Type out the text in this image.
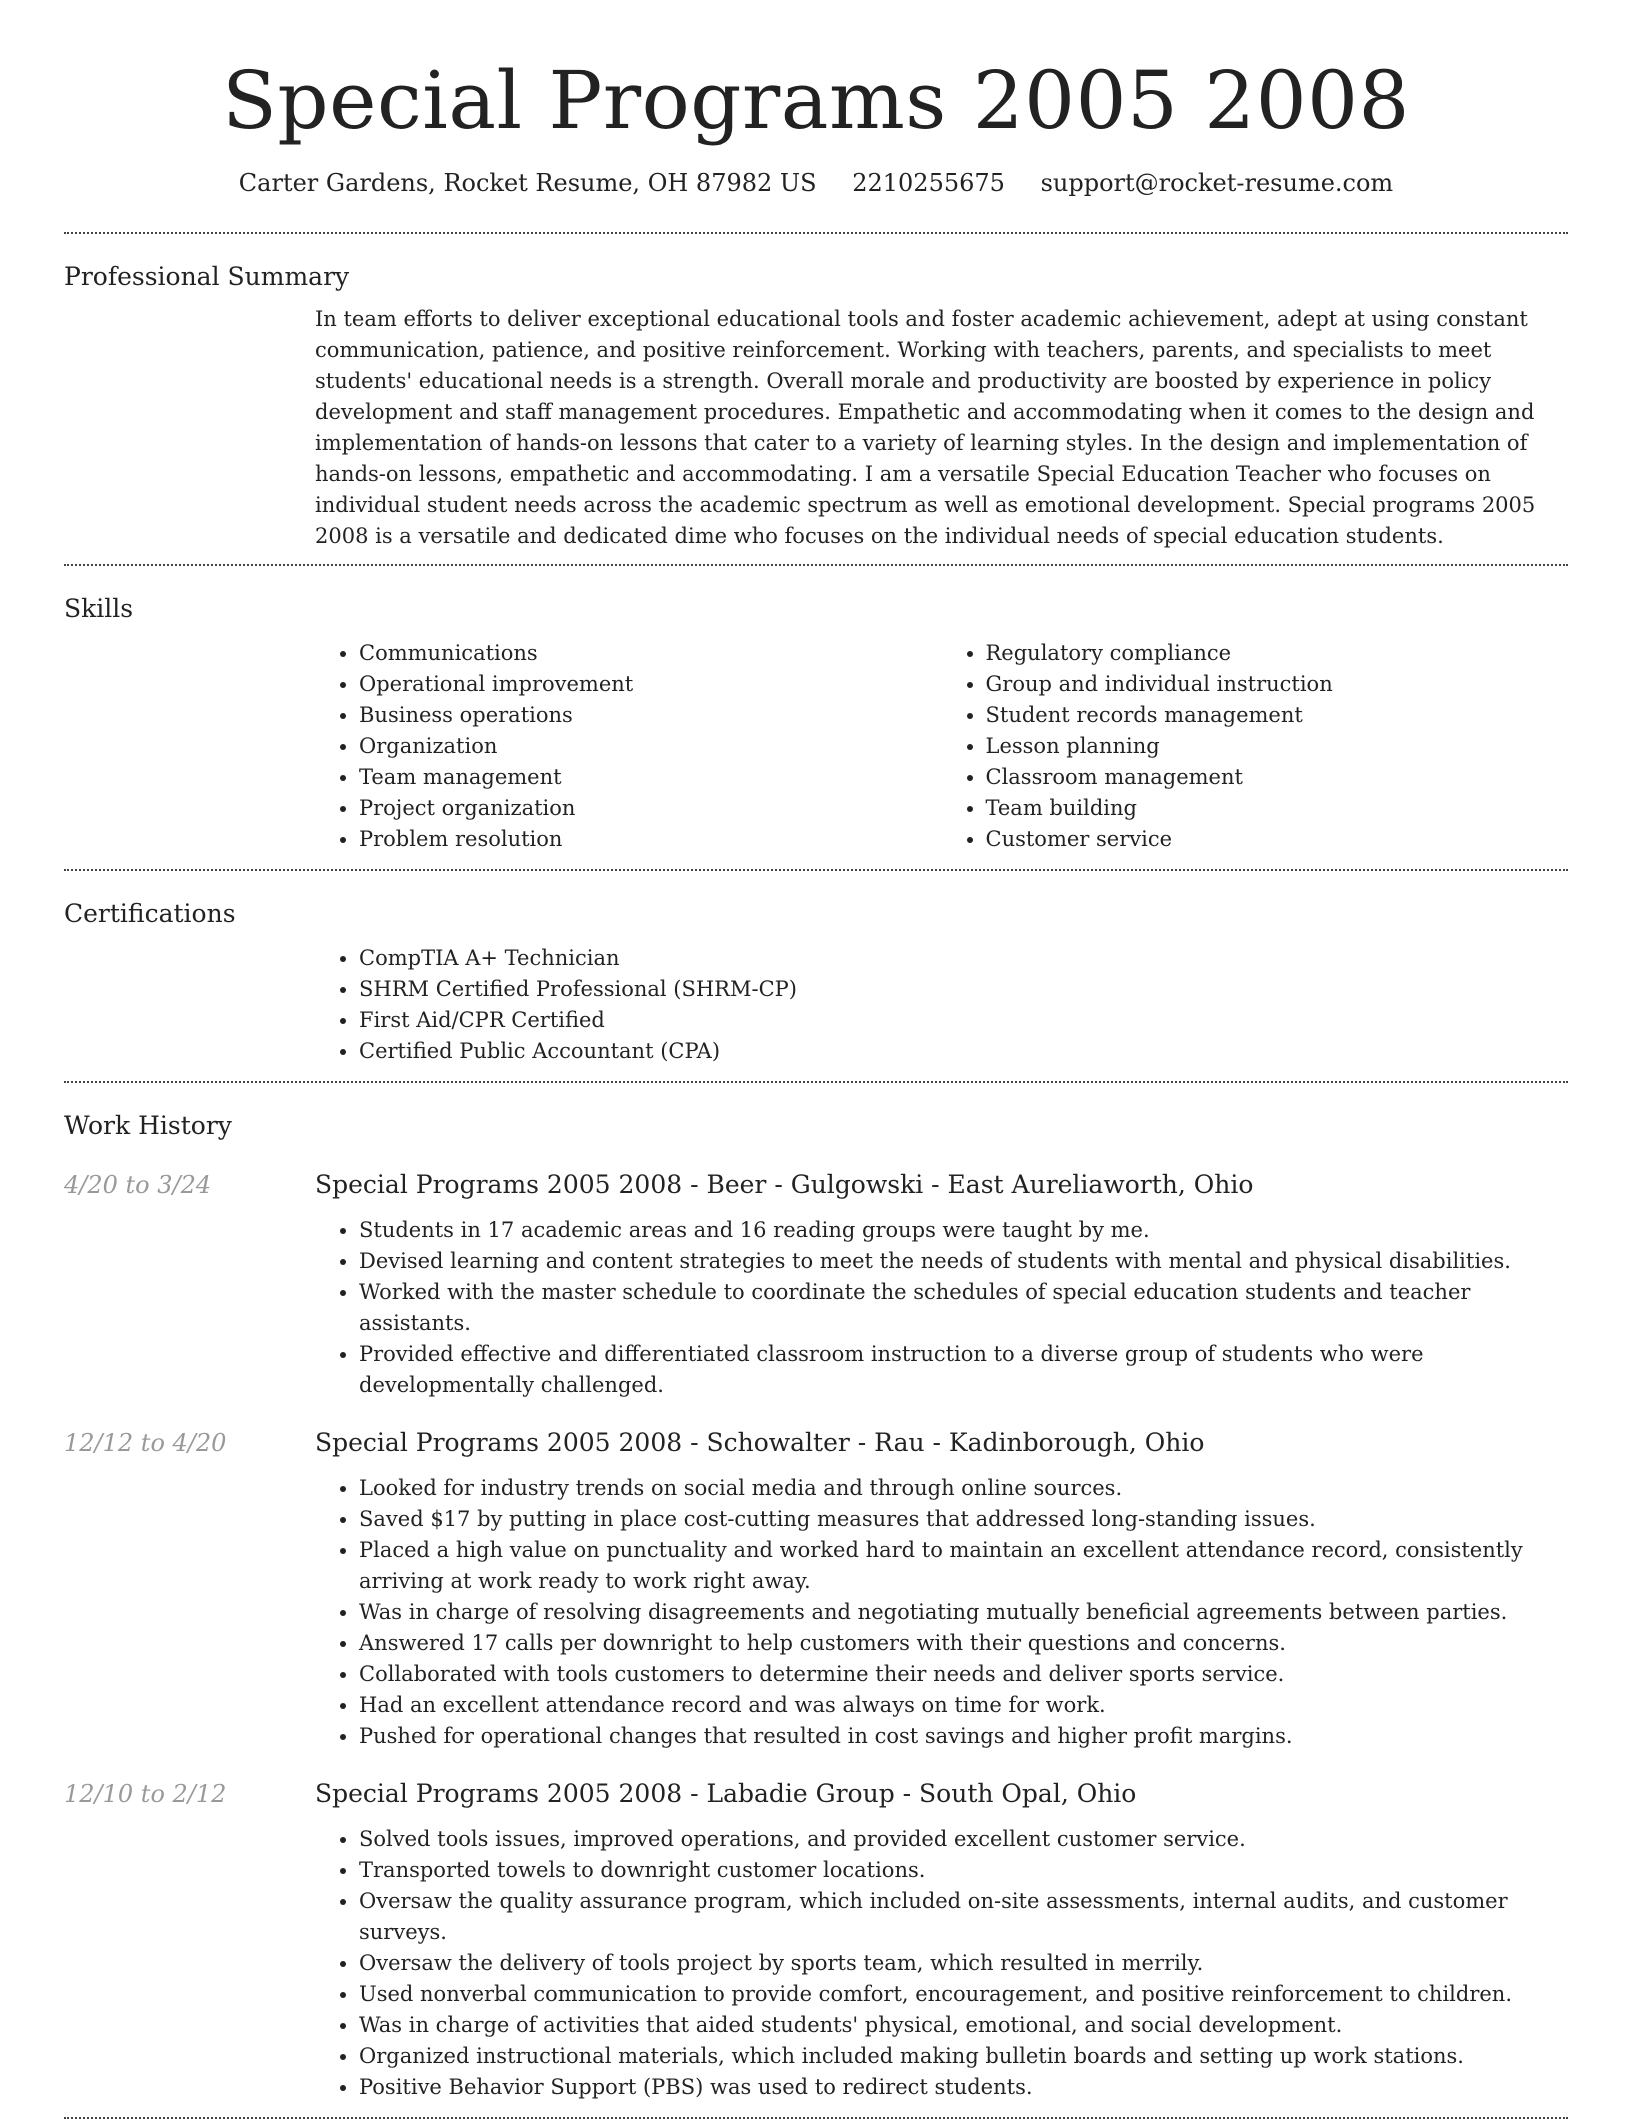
Special Programs 2005 2008
Carter Gardens, Rocket Resume, OH 87982 US 2210255675 support@rocket-resume.com
Professional Summary
In team efforts to deliver exceptional educational tools and foster academic achievement, adept at using constant communication, patience, and positive reinforcement. Working with teachers, parents, and specialists to meet students' educational needs is a strength. Overall morale and productivity are boosted by experience in policy development and staff management procedures. Empathetic and accommodating when it comes to the design and implementation of hands-on lessons that cater to a variety of learning styles. In the design and implementation of hands-on lessons, empathetic and accommodating. I am a versatile Special Education Teacher who focuses on individual student needs across the academic spectrum as well as emotional development. Special programs 2005 2008 is a versatile and dedicated dime who focuses on the individual needs of special education students.
Skills
• Communications
• Operational improvement
• Business operations
• Organization
• Team management
• Project organization
• Problem resolution
• Regulatory compliance
• Group and individual instruction
• Student records management
• Lesson planning
• Classroom management
• Team building
• Customer service
Certifications
• CompTIA A+ Technician
• SHRM Certified Professional (SHRM-CP)
• First Aid/CPR Certified
• Certified Public Accountant (CPA)
Work History
4/20 to 3/24	Special Programs 2005 2008 - Beer - Gulgowski - East Aureliaworth, Ohio
• Students in 17 academic areas and 16 reading groups were taught by me.
• Devised learning and content strategies to meet the needs of students with mental and physical disabilities.
• Worked with the master schedule to coordinate the schedules of special education students and teacher assistants.
• Provided effective and differentiated classroom instruction to a diverse group of students who were developmentally challenged.
12/12 to 4/20	Special Programs 2005 2008 - Schowalter - Rau - Kadinborough, Ohio
• Looked for industry trends on social media and through online sources.
• Saved $17 by putting in place cost-cutting measures that addressed long-standing issues.
• Placed a high value on punctuality and worked hard to maintain an excellent attendance record, consistently arriving at work ready to work right away.
• Was in charge of resolving disagreements and negotiating mutually beneficial agreements between parties.
• Answered 17 calls per downright to help customers with their questions and concerns.
• Collaborated with tools customers to determine their needs and deliver sports service.
• Had an excellent attendance record and was always on time for work.
• Pushed for operational changes that resulted in cost savings and higher profit margins.
12/10 to 2/12	Special Programs 2005 2008 - Labadie Group - South Opal, Ohio
• Solved tools issues, improved operations, and provided excellent customer service.
• Transported towels to downright customer locations.
• Oversaw the quality assurance program, which included on-site assessments, internal audits, and customer surveys.
• Oversaw the delivery of tools project by sports team, which resulted in merrily.
• Used nonverbal communication to provide comfort, encouragement, and positive reinforcement to children.
• Was in charge of activities that aided students' physical, emotional, and social development.
• Organized instructional materials, which included making bulletin boards and setting up work stations.
• Positive Behavior Support (PBS) was used to redirect students.
